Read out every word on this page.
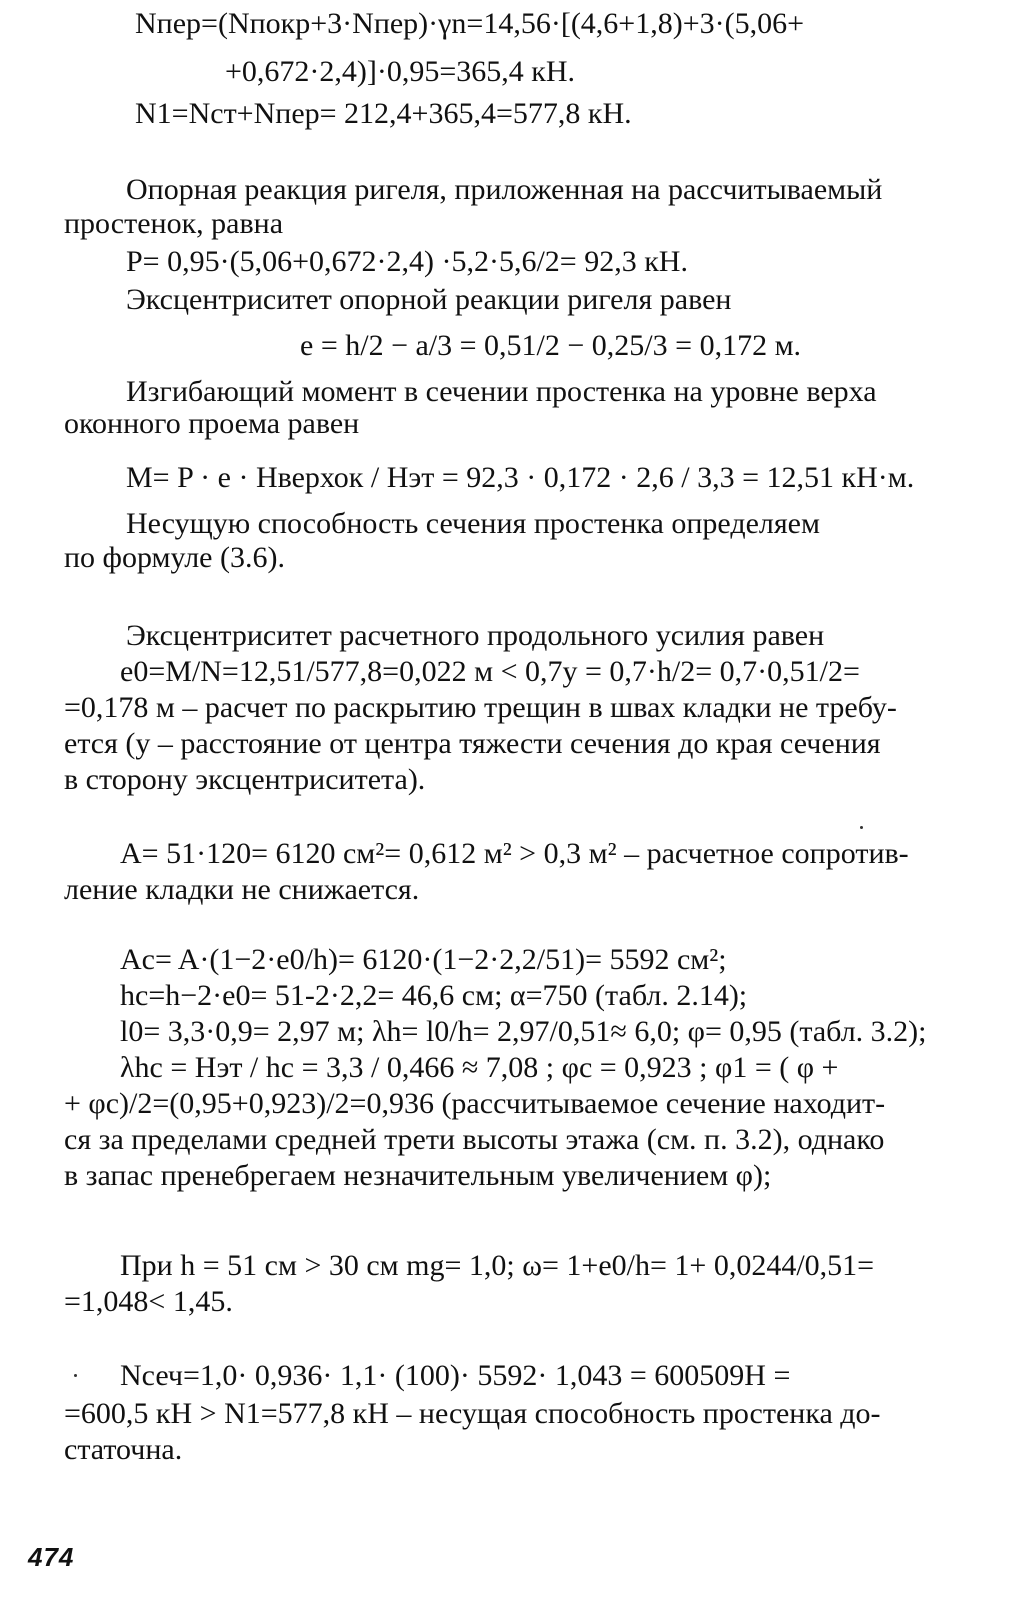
Nпер=(Nпокр+3·Nпер)·γn=14,56·[(4,6+1,8)+3·(5,06+
+0,672·2,4)]·0,95=365,4 кН.
N1=Nст+Nпер= 212,4+365,4=577,8 кН.
Опорная реакция ригеля, приложенная на рассчитываемый
простенок, равна
P= 0,95·(5,06+0,672·2,4) ·5,2·5,6/2= 92,3 кН.
Эксцентриситет опорной реакции ригеля равен
e = h/2 − a/3 = 0,51/2 − 0,25/3 = 0,172 м.
Изгибающий момент в сечении простенка на уровне верха
оконного проема равен
M= P · e · Hверхок / Hэт = 92,3 · 0,172 · 2,6 / 3,3 = 12,51 кН·м.
Несущую способность сечения простенка определяем
по формуле (3.6).
Эксцентриситет расчетного продольного усилия равен
e0=M/N=12,51/577,8=0,022 м < 0,7y = 0,7·h/2= 0,7·0,51/2=
=0,178 м – расчет по раскрытию трещин в швах кладки не требу-
ется (y – расстояние от центра тяжести сечения до края сечения
в сторону эксцентриситета).
A= 51·120= 6120 см²= 0,612 м² > 0,3 м² – расчетное сопротив-
ление кладки не снижается.
Ac= A·(1−2·e0/h)= 6120·(1−2·2,2/51)= 5592 см²;
hc=h−2·e0= 51-2·2,2= 46,6 см; α=750 (табл. 2.14);
l0= 3,3·0,9= 2,97 м; λh= l0/h= 2,97/0,51≈ 6,0; φ= 0,95 (табл. 3.2);
λhc = Hэт / hc = 3,3 / 0,466 ≈ 7,08 ; φc = 0,923 ; φ1 = ( φ +
+ φc)/2=(0,95+0,923)/2=0,936 (рассчитываемое сечение находит-
ся за пределами средней трети высоты этажа (см. п. 3.2), однако
в запас пренебрегаем незначительным увеличением φ);
При h = 51 см > 30 см mg= 1,0; ω= 1+e0/h= 1+ 0,0244/0,51=
=1,048< 1,45.
Nсеч=1,0· 0,936· 1,1· (100)· 5592· 1,043 = 600509Н =
=600,5 кН > N1=577,8 кН – несущая способность простенка до-
статочна.
474
